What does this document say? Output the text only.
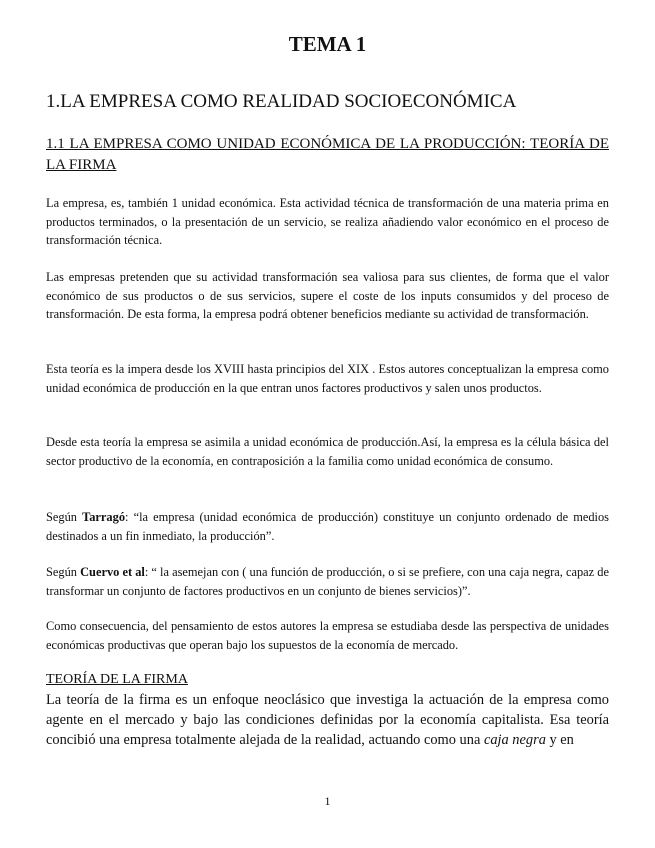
TEMA 1
1.LA EMPRESA COMO REALIDAD SOCIOECONÓMICA
1.1 LA EMPRESA COMO UNIDAD ECONÓMICA DE LA PRODUCCIÓN: TEORÍA DE LA FIRMA

La empresa, es, también 1 unidad económica. Esta actividad técnica de transformación de una materia prima en productos terminados, o la presentación de un servicio, se realiza añadiendo valor económico en el proceso de transformación técnica.

Las empresas pretenden que su actividad transformación sea valiosa para sus clientes, de forma que el valor económico de sus productos o de sus servicios, supere el coste de los inputs consumidos y del proceso de transformación. De esta forma, la empresa podrá obtener beneficios mediante su actividad de transformación.

Esta teoría es la impera desde los XVIII hasta principios del XIX . Estos autores conceptualizan la empresa como unidad económica de producción en la que entran unos factores productivos y salen unos productos.

Desde esta teoría la empresa se asimila a unidad económica de producción.Así, la empresa es la célula básica del sector productivo de la economía, en contraposición a la familia como unidad económica de consumo.

Según Tarragó: “la empresa (unidad económica de producción) constituye un conjunto ordenado de medios destinados a un fin inmediato, la producción”.

Según Cuervo et al: “ la asemejan con ( una función de producción, o si se prefiere, con una caja negra, capaz de transformar un conjunto de factores productivos en un conjunto de bienes servicios)”.

Como consecuencia, del pensamiento de estos autores la empresa se estudiaba desde las perspectiva de unidades económicas productivas que operan bajo los supuestos de la economía de mercado.

TEORÍA DE LA FIRMA

La teoría de la firma es un enfoque neoclásico que investiga la actuación de la empresa como agente en el mercado y bajo las condiciones definidas por la economía capitalista. Esa teoría concibió una empresa totalmente alejada de la realidad, actuando como una caja negra y en

1
